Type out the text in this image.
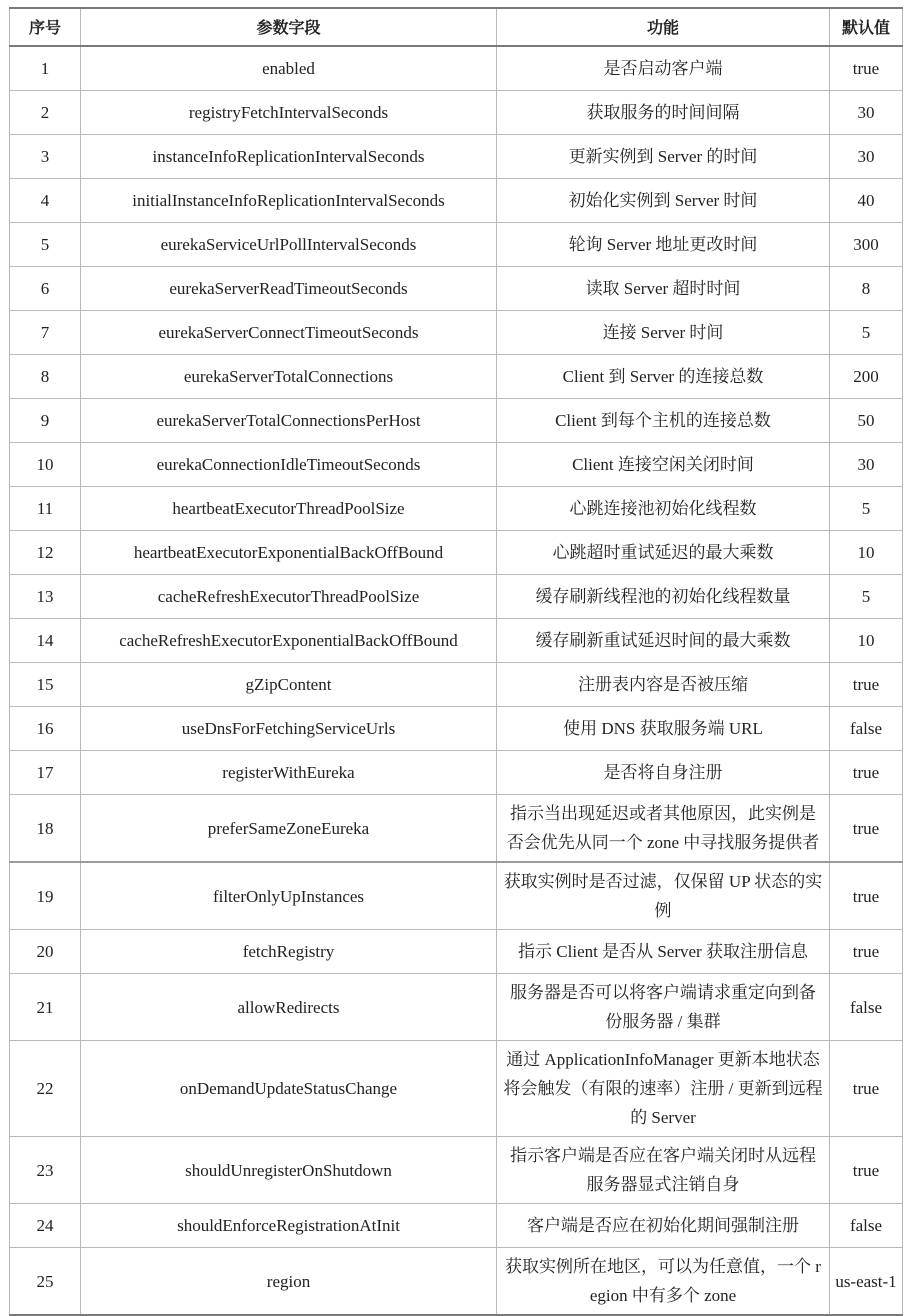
序号	参数字段	功能	默认值
1	enabled	是否启动客户端	true
2	registryFetchIntervalSeconds	获取服务的时间间隔	30
3	instanceInfoReplicationIntervalSeconds	更新实例到 Server 的时间	30
4	initialInstanceInfoReplicationIntervalSeconds	初始化实例到 Server 时间	40
5	eurekaServiceUrlPollIntervalSeconds	轮询 Server 地址更改时间	300
6	eurekaServerReadTimeoutSeconds	读取 Server 超时时间	8
7	eurekaServerConnectTimeoutSeconds	连接 Server 时间	5
8	eurekaServerTotalConnections	Client 到 Server 的连接总数	200
9	eurekaServerTotalConnectionsPerHost	Client 到每个主机的连接总数	50
10	eurekaConnectionIdleTimeoutSeconds	Client 连接空闲关闭时间	30
11	heartbeatExecutorThreadPoolSize	心跳连接池初始化线程数	5
12	heartbeatExecutorExponentialBackOffBound	心跳超时重试延迟的最大乘数	10
13	cacheRefreshExecutorThreadPoolSize	缓存刷新线程池的初始化线程数量	5
14	cacheRefreshExecutorExponentialBackOffBound	缓存刷新重试延迟时间的最大乘数	10
15	gZipContent	注册表内容是否被压缩	true
16	useDnsForFetchingServiceUrls	使用 DNS 获取服务端 URL	false
17	registerWithEureka	是否将自身注册	true
18	preferSameZoneEureka	指示当出现延迟或者其他原因，此实例是否会优先从同一个 zone 中寻找服务提供者	true
19	filterOnlyUpInstances	获取实例时是否过滤，仅保留 UP 状态的实例	true
20	fetchRegistry	指示 Client 是否从 Server 获取注册信息	true
21	allowRedirects	服务器是否可以将客户端请求重定向到备份服务器 / 集群	false
22	onDemandUpdateStatusChange	通过 ApplicationInfoManager 更新本地状态将会触发（有限的速率）注册 / 更新到远程的 Server	true
23	shouldUnregisterOnShutdown	指示客户端是否应在客户端关闭时从远程服务器显式注销自身	true
24	shouldEnforceRegistrationAtInit	客户端是否应在初始化期间强制注册	false
25	region	获取实例所在地区，可以为任意值，一个 region 中有多个 zone	us-east-1
